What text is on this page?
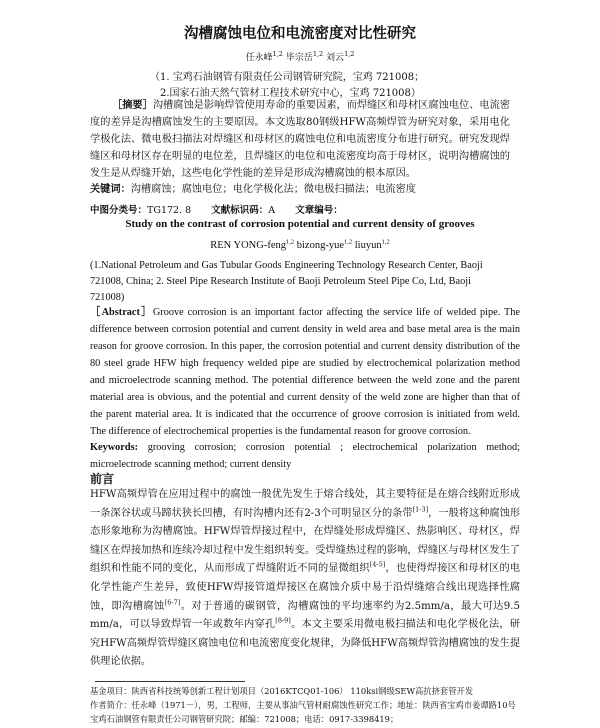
沟槽腐蚀电位和电流密度对比性研究
任永峰$^{1,2}$ 毕宗岳$^{1,2}$ 刘云$^{1,2}$
（1. 宝鸡石油钢管有限责任公司钢管研究院，宝鸡 721008；
2.国家石油天然气管材工程技术研究中心，宝鸡 721008）

［摘要］沟槽腐蚀是影响焊管使用寿命的重要因素，而焊缝区和母材区腐蚀电位、电流密度的差异是沟槽腐蚀发生的主要原因。本文选取80钢级HFW高频焊管为研究对象，采用电化学极化法、微电极扫描法对焊缝区和母材区的腐蚀电位和电流密度分布进行研究。研究发现焊缝区和母材区存在明显的电位差，且焊缝区的电位和电流密度均高于母材区，说明沟槽腐蚀的发生是从焊缝开始，这些电化学性能的差异是形成沟槽腐蚀的根本原因。

关键词：沟槽腐蚀；腐蚀电位；电化学极化法；微电极扫描法；电流密度

中图分类号：TG172. 8 文献标识码：A 文章编号：
Study on the contrast of corrosion potential and current density of grooves
REN YONG-feng$^{1,2}$ bizong-yue$^{1,2}$ liuyun$^{1,2}$
(1.National Petroleum and Gas Tubular Goods Engineering Technology Research Center, Baoji
721008, China; 2. Steel Pipe Research Institute of Baoji Petroleum Steel Pipe Co, Ltd, Baoji
721008)

［Abstract］Groove corrosion is an important factor affecting the service life of welded pipe. The difference between corrosion potential and current density in weld area and base metal area is the main reason for groove corrosion. In this paper, the corrosion potential and current density distribution of the 80 steel grade HFW high frequency welded pipe are studied by electrochemical polarization method and microelectrode scanning method. The potential difference between the weld zone and the parent material area is obvious, and the potential and current density of the weld zone are higher than that of the parent material area. It is indicated that the occurrence of groove corrosion is initiated from weld. The difference of electrochemical properties is the fundamental reason for groove corrosion.

Keywords: grooving corrosion; corrosion potential ; electrochemical polarization method; microelectrode scanning method; current density

前言

HFW高频焊管在应用过程中的腐蚀一般优先发生于熔合线处，其主要特征是在熔合线附近形成一条深谷状或马蹄状狭长凹槽，有时沟槽内还有2-3个可明显区分的条带[1-3]，一般将这种腐蚀形态形象地称为沟槽腐蚀。HFW焊管焊接过程中，在焊缝处形成焊缝区、热影响区、母材区，焊缝区在焊接加热和连续冷却过程中发生组织转变。受焊缝热过程的影响，焊缝区与母材区发生了组织和性能不同的变化，从而形成了焊缝附近不同的显微组织[4-5]，也使得焊接区和母材区的电化学性能产生差异，致使HFW焊接管道焊接区在腐蚀介质中易于沿焊缝熔合线出现选择性腐蚀，即沟槽腐蚀[6-7]。对于普通的碳钢管，沟槽腐蚀的平均速率约为2.5mm/a，最大可达9.5 mm/a，可以导致焊管一年或数年内穿孔[8-9]。本文主要采用微电极扫描法和电化学极化法，研究HFW高频焊管焊缝区腐蚀电位和电流密度变化规律，为降低HFW高频焊管沟槽腐蚀的发生提供理论依据。

基金项目：陕西省科技统筹创新工程计划项目（2016KTCQ01-106） 110ksi钢级SEW高抗挤套管开发
作者简介：任永峰（1971－），男，工程师，主要从事油气管材耐腐蚀性研究工作；地址：陕西省宝鸡市姜谭路10号宝鸡石油钢管有限责任公司钢管研究院；邮编：721008；电话：0917-3398419；
